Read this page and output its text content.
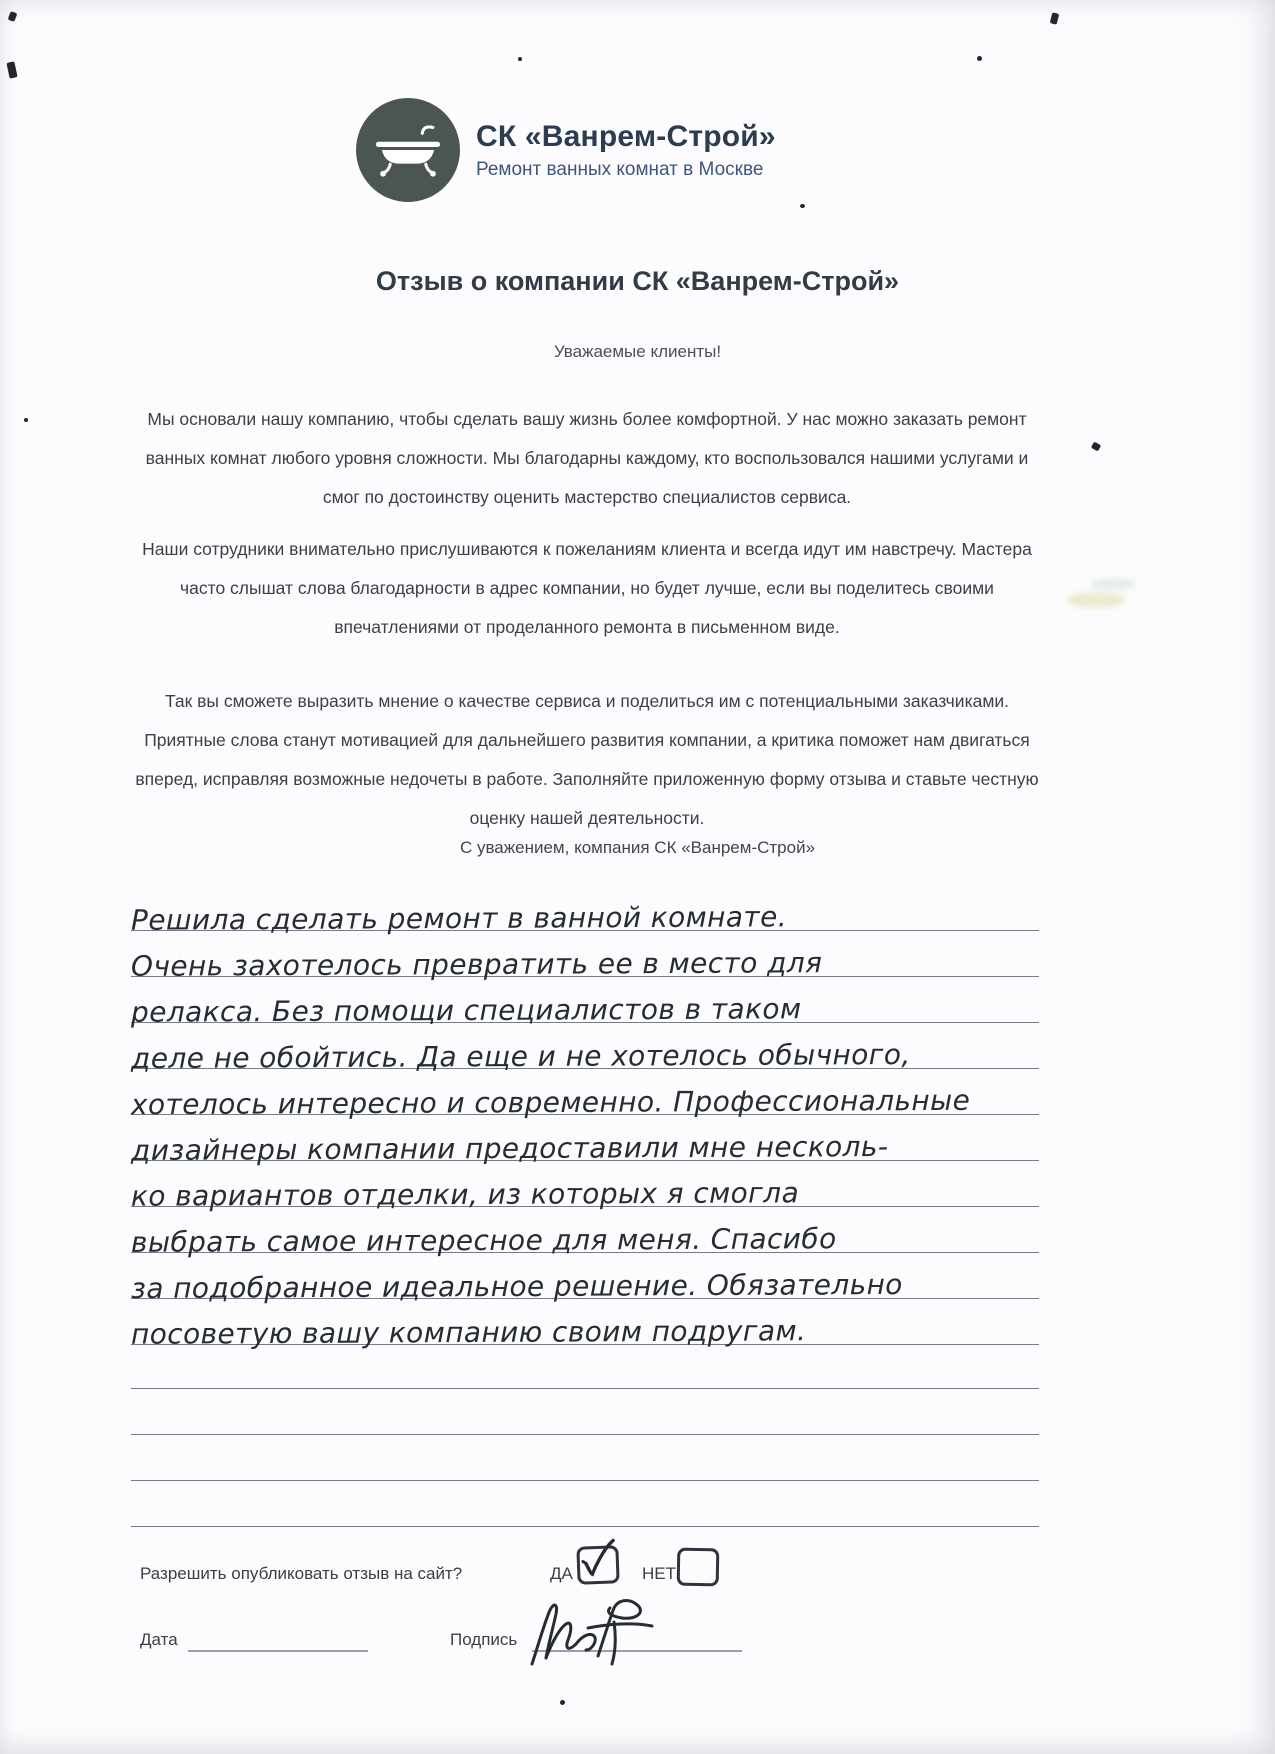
СК «Ванрем-Строй»
Ремонт ванных комнат в Москве
Отзыв о компании СК «Ванрем-Строй»

Уважаемые клиенты!

Мы основали нашу компанию, чтобы сделать вашу жизнь более комфортной. У нас можно заказать ремонт ванных комнат любого уровня сложности. Мы благодарны каждому, кто воспользовался нашими услугами и смог по достоинству оценить мастерство специалистов сервиса.

Наши сотрудники внимательно прислушиваются к пожеланиям клиента и всегда идут им навстречу. Мастера часто слышат слова благодарности в адрес компании, но будет лучше, если вы поделитесь своими впечатлениями от проделанного ремонта в письменном виде.

Так вы сможете выразить мнение о качестве сервиса и поделиться им с потенциальными заказчиками. Приятные слова станут мотивацией для дальнейшего развития компании, а критика поможет нам двигаться вперед, исправляя возможные недочеты в работе. Заполняйте приложенную форму отзыва и ставьте честную оценку нашей деятельности.

С уважением, компания СК «Ванрем-Строй»

Решила сделать ремонт в ванной комнате.
Очень захотелось превратить ее в место для
релакса. Без помощи специалистов в таком
деле не обойтись. Да еще и не хотелось обычного,
хотелось интересно и современно. Профессиональные
дизайнеры компании предоставили мне несколь-
ко вариантов отделки, из которых я смогла
выбрать самое интересное для меня. Спасибо
за подобранное идеальное решение. Обязательно
посоветую вашу компанию своим подругам.
Разрешить опубликовать отзыв на сайт?	ДА	НЕТ
Дата	Подпись
